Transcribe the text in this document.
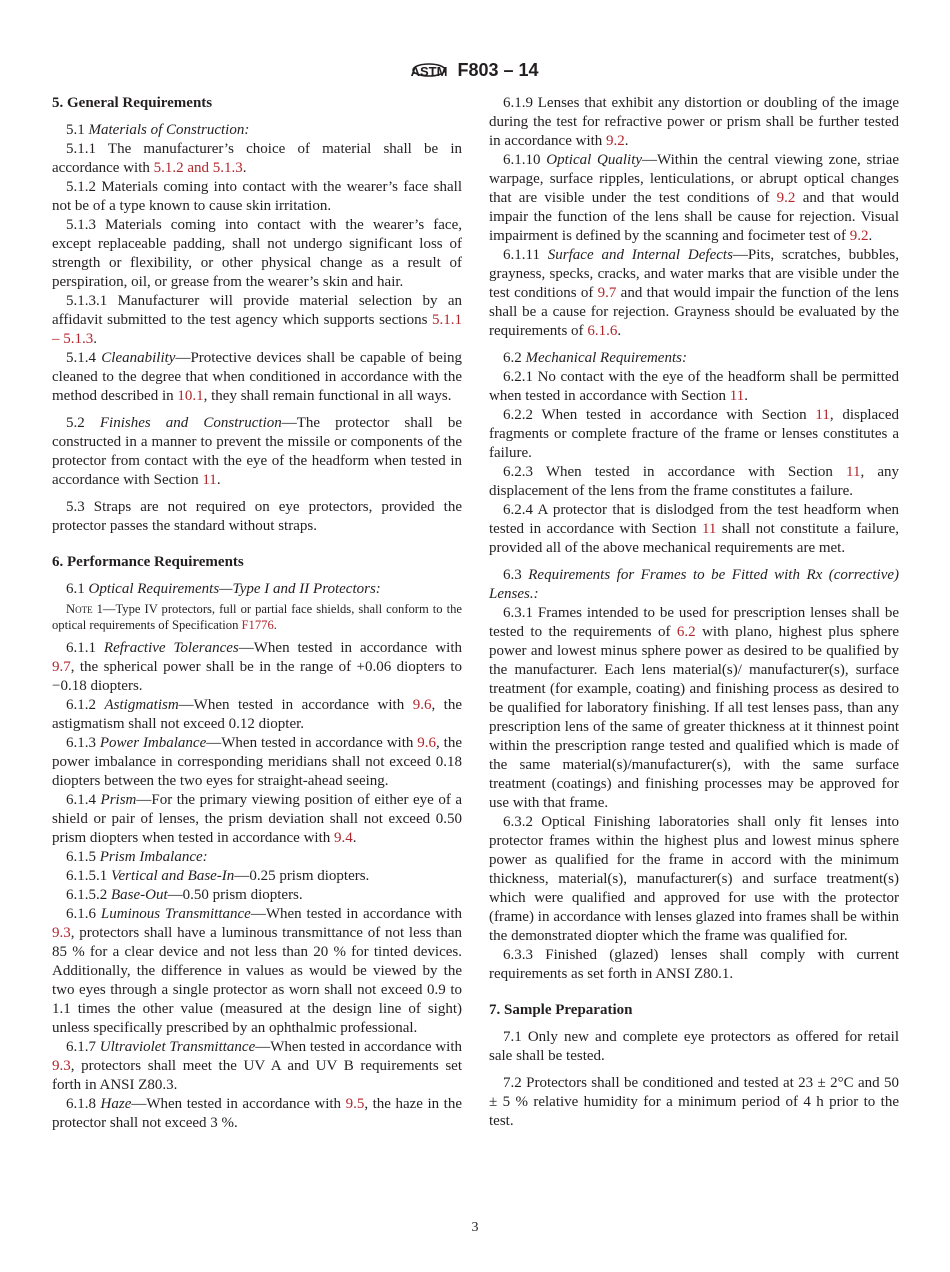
ASTM F803 – 14
5. General Requirements
5.1 Materials of Construction:
5.1.1 The manufacturer’s choice of material shall be in accordance with 5.1.2 and 5.1.3.
5.1.2 Materials coming into contact with the wearer’s face shall not be of a type known to cause skin irritation.
5.1.3 Materials coming into contact with the wearer’s face, except replaceable padding, shall not undergo significant loss of strength or flexibility, or other physical change as a result of perspiration, oil, or grease from the wearer’s skin and hair.
5.1.3.1 Manufacturer will provide material selection by an affidavit submitted to the test agency which supports sections 5.1.1 – 5.1.3.
5.1.4 Cleanability—Protective devices shall be capable of being cleaned to the degree that when conditioned in accordance with the method described in 10.1, they shall remain functional in all ways.
5.2 Finishes and Construction—The protector shall be constructed in a manner to prevent the missile or components of the protector from contact with the eye of the headform when tested in accordance with Section 11.
5.3 Straps are not required on eye protectors, provided the protector passes the standard without straps.
6. Performance Requirements
6.1 Optical Requirements—Type I and II Protectors:
Note 1—Type IV protectors, full or partial face shields, shall conform to the optical requirements of Specification F1776.
6.1.1 Refractive Tolerances—When tested in accordance with 9.7, the spherical power shall be in the range of +0.06 diopters to −0.18 diopters.
6.1.2 Astigmatism—When tested in accordance with 9.6, the astigmatism shall not exceed 0.12 diopter.
6.1.3 Power Imbalance—When tested in accordance with 9.6, the power imbalance in corresponding meridians shall not exceed 0.18 diopters between the two eyes for straight-ahead seeing.
6.1.4 Prism—For the primary viewing position of either eye of a shield or pair of lenses, the prism deviation shall not exceed 0.50 prism diopters when tested in accordance with 9.4.
6.1.5 Prism Imbalance:
6.1.5.1 Vertical and Base-In—0.25 prism diopters.
6.1.5.2 Base-Out—0.50 prism diopters.
6.1.6 Luminous Transmittance—When tested in accordance with 9.3, protectors shall have a luminous transmittance of not less than 85 % for a clear device and not less than 20 % for tinted devices. Additionally, the difference in values as would be viewed by the two eyes through a single protector as worn shall not exceed 0.9 to 1.1 times the other value (measured at the design line of sight) unless specifically prescribed by an ophthalmic professional.
6.1.7 Ultraviolet Transmittance—When tested in accordance with 9.3, protectors shall meet the UV A and UV B requirements set forth in ANSI Z80.3.
6.1.8 Haze—When tested in accordance with 9.5, the haze in the protector shall not exceed 3 %.
6.1.9 Lenses that exhibit any distortion or doubling of the image during the test for refractive power or prism shall be further tested in accordance with 9.2.
6.1.10 Optical Quality—Within the central viewing zone, striae warpage, surface ripples, lenticulations, or abrupt optical changes that are visible under the test conditions of 9.2 and that would impair the function of the lens shall be cause for rejection. Visual impairment is defined by the scanning and focimeter test of 9.2.
6.1.11 Surface and Internal Defects—Pits, scratches, bubbles, grayness, specks, cracks, and water marks that are visible under the test conditions of 9.7 and that would impair the function of the lens shall be a cause for rejection. Grayness should be evaluated by the requirements of 6.1.6.
6.2 Mechanical Requirements:
6.2.1 No contact with the eye of the headform shall be permitted when tested in accordance with Section 11.
6.2.2 When tested in accordance with Section 11, displaced fragments or complete fracture of the frame or lenses constitutes a failure.
6.2.3 When tested in accordance with Section 11, any displacement of the lens from the frame constitutes a failure.
6.2.4 A protector that is dislodged from the test headform when tested in accordance with Section 11 shall not constitute a failure, provided all of the above mechanical requirements are met.
6.3 Requirements for Frames to be Fitted with Rx (corrective) Lenses.:
6.3.1 Frames intended to be used for prescription lenses shall be tested to the requirements of 6.2 with plano, highest plus sphere power and lowest minus sphere power as desired to be qualified by the manufacturer. Each lens material(s)/ manufacturer(s), surface treatment (for example, coating) and finishing process as desired to be qualified for laboratory finishing. If all test lenses pass, than any prescription lens of the same of greater thickness at it thinnest point within the prescription range tested and qualified which is made of the same material(s)/manufacturer(s), with the same surface treatment (coatings) and finishing processes may be approved for use with that frame.
6.3.2 Optical Finishing laboratories shall only fit lenses into protector frames within the highest plus and lowest minus sphere power as qualified for the frame in accord with the minimum thickness, material(s), manufacturer(s) and surface treatment(s) which were qualified and approved for use with the protector (frame) in accordance with lenses glazed into frames shall be within the demonstrated diopter which the frame was qualified for.
6.3.3 Finished (glazed) lenses shall comply with current requirements as set forth in ANSI Z80.1.
7. Sample Preparation
7.1 Only new and complete eye protectors as offered for retail sale shall be tested.
7.2 Protectors shall be conditioned and tested at 23 ± 2°C and 50 ± 5 % relative humidity for a minimum period of 4 h prior to the test.
3
